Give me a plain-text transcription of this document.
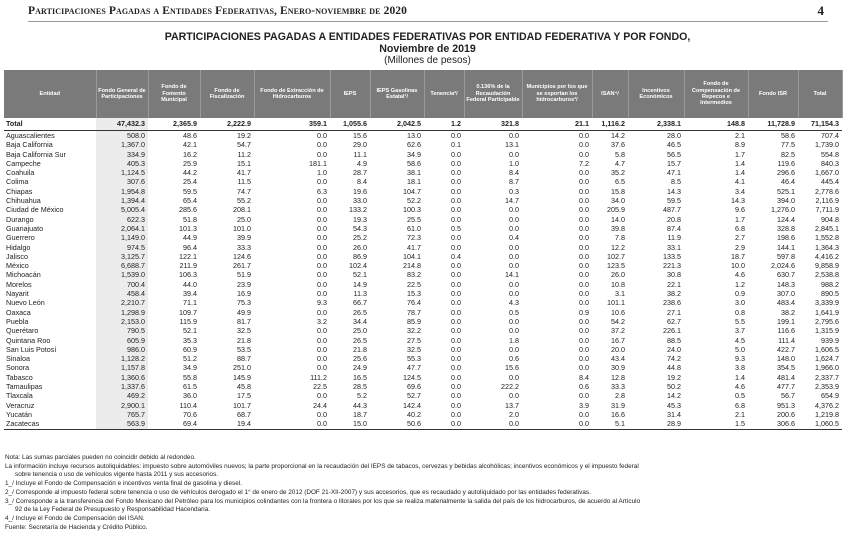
Participaciones Pagadas a Entidades Federativas, Enero-noviembre de 2020	4
PARTICIPACIONES PAGADAS A ENTIDADES FEDERATIVAS POR ENTIDAD FEDERATIVA Y POR FONDO,
Noviembre de 2019
(Millones de pesos)
Entidad	Fondo General de Participaciones	Fondo de Fomento Municipal	Fondo de Fiscalización	Fondo de Extracción de Hidrocarburos	IEPS	IEPS Gasolinas Estatal¹/	Tenencia²/	0.136% de la Recaudación Federal Participable	Municipios por los que se exportan los hidrocarburos³/	ISAN⁴/	Incentivos Económicos	Fondo de Compensación de Repecos e Intermedios	Fondo ISR	Total
Total	47,432.3	2,365.9	2,222.9	359.1	1,055.6	2,042.5	1.2	321.8	21.1	1,116.2	2,338.1	148.8	11,728.9	71,154.3
Aguascalientes	508.0	48.6	19.2	0.0	15.6	13.0	0.0	0.0	0.0	14.2	28.0	2.1	58.6	707.4
Baja California	1,367.0	42.1	54.7	0.0	29.0	62.6	0.1	13.1	0.0	37.6	46.5	8.9	77.5	1,739.0
Baja California Sur	334.9	16.2	11.2	0.0	11.1	34.9	0.0	0.0	0.0	5.8	56.5	1.7	82.5	554.8
Campeche	405.3	25.9	15.1	181.1	4.9	58.6	0.0	1.0	7.2	4.7	15.7	1.4	119.6	840.3
Coahuila	1,124.5	44.2	41.7	1.0	28.7	38.1	0.0	8.4	0.0	35.2	47.1	1.4	296.6	1,667.0
Colima	307.6	25.4	11.5	0.0	8.4	18.1	0.0	8.7	0.0	6.5	8.5	4.1	46.4	445.4
Chiapas	1,954.8	59.5	74.7	6.3	19.6	104.7	0.0	0.3	0.0	15.8	14.3	3.4	525.1	2,778.6
Chihuahua	1,394.4	65.4	55.2	0.0	33.0	52.2	0.0	14.7	0.0	34.0	59.5	14.3	394.0	2,116.9
Ciudad de México	5,005.4	285.6	208.1	0.0	133.2	100.3	0.0	0.0	0.0	205.9	487.7	9.6	1,276.0	7,711.9
Durango	622.3	51.8	25.0	0.0	19.3	25.5	0.0	0.0	0.0	14.0	20.8	1.7	124.4	904.8
Guanajuato	2,064.1	101.3	101.0	0.0	54.3	61.0	0.5	0.0	0.0	39.8	87.4	6.8	328.8	2,845.1
Guerrero	1,149.0	44.9	39.9	0.0	25.2	72.3	0.0	0.4	0.0	7.8	11.9	2.7	198.6	1,552.8
Hidalgo	974.5	96.4	33.3	0.0	26.0	41.7	0.0	0.0	0.0	12.2	33.1	2.9	144.1	1,364.3
Jalisco	3,125.7	122.1	124.6	0.0	86.9	104.1	0.4	0.0	0.0	102.7	133.5	18.7	597.8	4,416.2
México	6,688.7	211.9	261.7	0.0	102.4	214.8	0.0	0.0	0.0	123.5	221.3	10.0	2,024.6	9,858.9
Michoacán	1,539.0	106.3	51.9	0.0	52.1	83.2	0.0	14.1	0.0	26.0	30.8	4.6	630.7	2,538.8
Morelos	700.4	44.0	23.9	0.0	14.9	22.5	0.0	0.0	0.0	10.8	22.1	1.2	148.3	988.2
Nayarit	458.4	39.4	16.9	0.0	11.3	15.3	0.0	0.0	0.0	3.1	38.2	0.9	307.0	890.5
Nuevo León	2,210.7	71.1	75.3	9.3	66.7	76.4	0.0	4.3	0.0	101.1	238.6	3.0	483.4	3,339.9
Oaxaca	1,298.9	109.7	49.9	0.0	26.5	78.7	0.0	0.5	0.9	10.6	27.1	0.8	38.2	1,641.9
Puebla	2,153.0	115.9	81.7	3.2	34.4	85.9	0.0	0.0	0.0	54.2	62.7	5.5	199.1	2,795.6
Querétaro	790.5	52.1	32.5	0.0	25.0	32.2	0.0	0.0	0.0	37.2	226.1	3.7	116.6	1,315.9
Quintana Roo	605.9	35.3	21.8	0.0	26.5	27.5	0.0	1.8	0.0	16.7	88.5	4.5	111.4	939.9
San Luis Potosí	986.0	60.9	53.5	0.0	21.8	32.5	0.0	0.0	0.0	20.0	24.0	5.0	422.7	1,606.5
Sinaloa	1,128.2	51.2	88.7	0.0	25.6	55.3	0.0	0.6	0.0	43.4	74.2	9.3	148.0	1,624.7
Sonora	1,157.8	34.9	251.0	0.0	24.9	47.7	0.0	15.6	0.0	30.9	44.8	3.8	354.5	1,966.0
Tabasco	1,360.6	55.8	145.9	111.2	16.5	124.5	0.0	0.0	8.4	12.8	19.2	1.4	481.4	2,337.7
Tamaulipas	1,337.6	61.5	45.8	22.5	28.5	69.6	0.0	222.2	0.6	33.3	50.2	4.6	477.7	2,353.9
Tlaxcala	469.2	36.0	17.5	0.0	5.2	52.7	0.0	0.0	0.0	2.8	14.2	0.5	56.7	654.9
Veracruz	2,900.1	110.4	101.7	24.4	44.3	142.4	0.0	13.7	3.9	31.9	45.3	6.8	951.3	4,376.2
Yucatán	765.7	70.6	68.7	0.0	18.7	40.2	0.0	2.0	0.0	16.6	31.4	2.1	200.6	1,219.8
Zacatecas	563.9	69.4	19.4	0.0	15.0	50.6	0.0	0.0	0.0	5.1	28.9	1.5	306.6	1,060.5
Nota: Las sumas parciales pueden no coincidir debido al redondeo.
La información incluye recursos autoliquidables: impuesto sobre automóviles nuevos; la parte proporcional en la recaudación del IEPS de tabacos, cervezas y bebidas alcohólicas; incentivos económicos y el impuesto federal
sobre tenencia o uso de vehículos vigente hasta 2011 y sus accesorios.
1_/ Incluye el Fondo de Compensación e incentivos venta final de gasolina y diesel.
2_/ Corresponde al impuesto federal sobre tenencia o uso de vehículos derogado el 1° de enero de 2012 (DOF 21-XII-2007) y sus accesorios, que es recaudado y autoliquidado por las entidades federativas.
3_/ Corresponde a la transferencia del Fondo Mexicano del Petróleo para los municipios colindantes con la frontera o litorales por los que se realiza materialmente la salida del país de los hidrocarburos, de acuerdo al Artículo
92 de la Ley Federal de Presupuesto y Responsabilidad Hacendaria.
4_/ Incluye el Fondo de Compensación del ISAN.
Fuente: Secretaría de Hacienda y Crédito Público.
